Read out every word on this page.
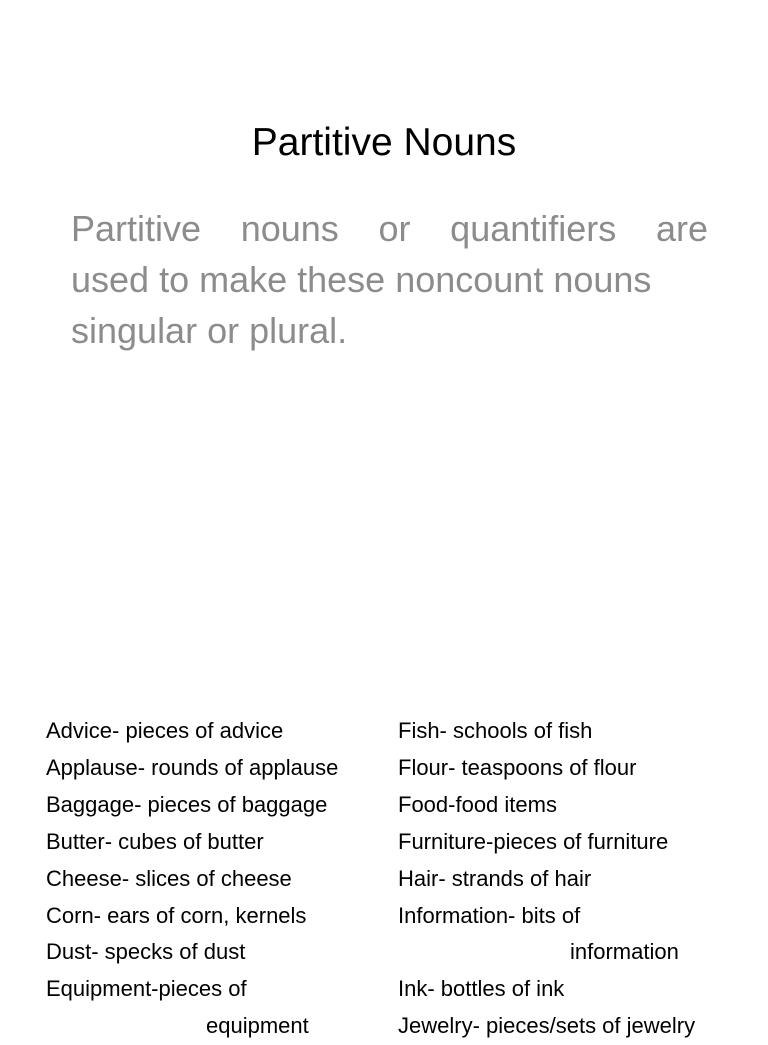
Partitive Nouns

Partitive nouns or quantifiers are
used to make these noncount nouns
singular or plural.

Advice- pieces of advice
Applause- rounds of applause
Baggage- pieces of baggage
Butter- cubes of butter
Cheese- slices of cheese
Corn- ears of corn, kernels
Dust- specks of dust
Equipment-pieces of
equipment
Fish- schools of fish
Flour- teaspoons of flour
Food-food items
Furniture-pieces of furniture
Hair- strands of hair
Information- bits of
information
Ink- bottles of ink
Jewelry- pieces/sets of jewelry
